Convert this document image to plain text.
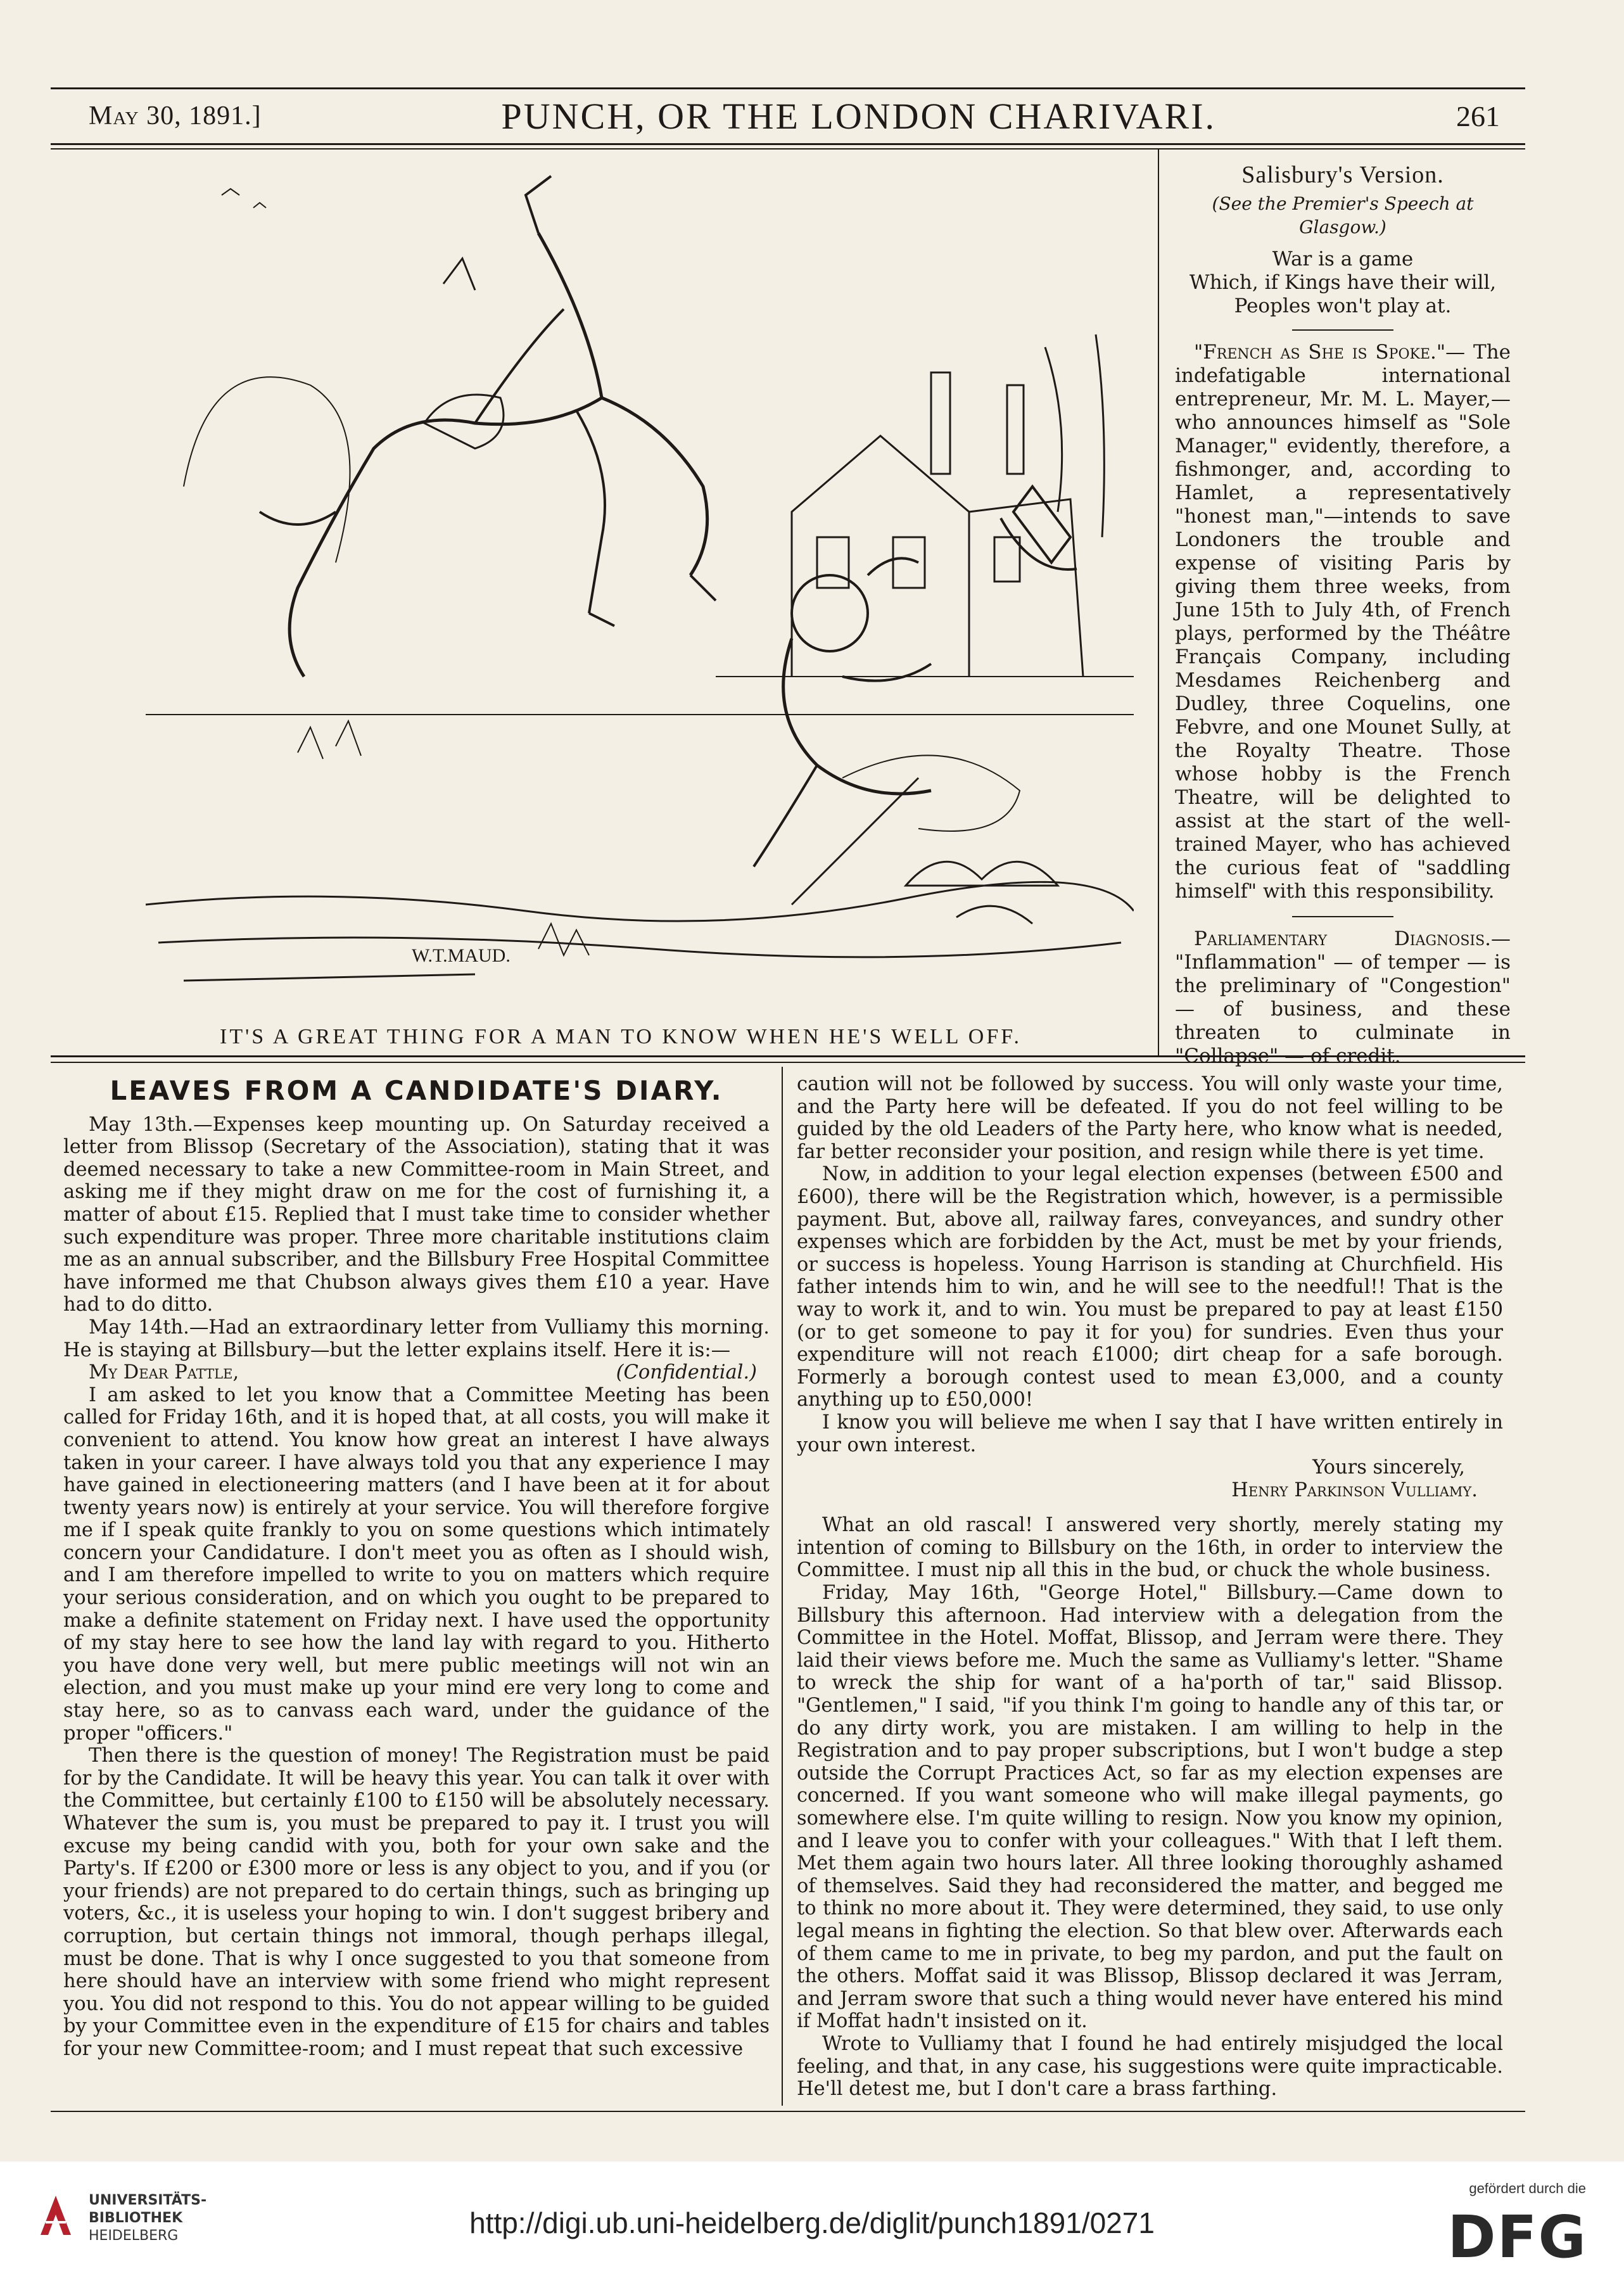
May 30, 1891.]	PUNCH, OR THE LONDON CHARIVARI.	261
W.T.MAUD.
IT'S A GREAT THING FOR A MAN TO KNOW WHEN HE'S WELL OFF.
Salisbury's Version.
(See the Premier's Speech at Glasgow.)
War is a game
Which, if Kings have their will,
Peoples won't play at.

"French as She is Spoke."— The indefatigable international entrepreneur, Mr. M. L. Mayer,—who announces himself as "Sole Manager," evidently, therefore, a fishmonger, and, according to Hamlet, a representatively "honest man,"—intends to save Londoners the trouble and expense of visiting Paris by giving them three weeks, from June 15th to July 4th, of French plays, performed by the Théâtre Français Company, including Mesdames Reichenberg and Dudley, three Coquelins, one Febvre, and one Mounet Sully, at the Royalty Theatre. Those whose hobby is the French Theatre, will be delighted to assist at the start of the well-trained Mayer, who has achieved the curious feat of "saddling himself" with this responsibility.

Parliamentary Diagnosis.— "Inflammation" — of temper — is the preliminary of "Congestion" — of business, and these threaten to culminate in "Collapse" — of credit.

LEAVES FROM A CANDIDATE'S DIARY.

May 13th.—Expenses keep mounting up. On Saturday received a letter from Blissop (Secretary of the Association), stating that it was deemed necessary to take a new Committee-room in Main Street, and asking me if they might draw on me for the cost of furnishing it, a matter of about £15. Replied that I must take time to consider whether such expenditure was proper. Three more charitable institutions claim me as an annual subscriber, and the Billsbury Free Hospital Committee have informed me that Chubson always gives them £10 a year. Have had to do ditto.

May 14th.—Had an extraordinary letter from Vulliamy this morning. He is staying at Billsbury—but the letter explains itself. Here it is:—

My Dear Pattle,	(Confidential.)

I am asked to let you know that a Committee Meeting has been called for Friday 16th, and it is hoped that, at all costs, you will make it convenient to attend. You know how great an interest I have always taken in your career. I have always told you that any experience I may have gained in electioneering matters (and I have been at it for about twenty years now) is entirely at your service. You will therefore forgive me if I speak quite frankly to you on some questions which intimately concern your Candidature. I don't meet you as often as I should wish, and I am therefore impelled to write to you on matters which require your serious consideration, and on which you ought to be prepared to make a definite statement on Friday next. I have used the opportunity of my stay here to see how the land lay with regard to you. Hitherto you have done very well, but mere public meetings will not win an election, and you must make up your mind ere very long to come and stay here, so as to canvass each ward, under the guidance of the proper "officers."

Then there is the question of money! The Registration must be paid for by the Candidate. It will be heavy this year. You can talk it over with the Committee, but certainly £100 to £150 will be absolutely necessary. Whatever the sum is, you must be prepared to pay it. I trust you will excuse my being candid with you, both for your own sake and the Party's. If £200 or £300 more or less is any object to you, and if you (or your friends) are not prepared to do certain things, such as bringing up voters, &c., it is useless your hoping to win. I don't suggest bribery and corruption, but certain things not immoral, though perhaps illegal, must be done. That is why I once suggested to you that someone from here should have an interview with some friend who might represent you. You did not respond to this. You do not appear willing to be guided by your Committee even in the expenditure of £15 for chairs and tables for your new Committee-room; and I must repeat that such excessive

caution will not be followed by success. You will only waste your time, and the Party here will be defeated. If you do not feel willing to be guided by the old Leaders of the Party here, who know what is needed, far better reconsider your position, and resign while there is yet time.

Now, in addition to your legal election expenses (between £500 and £600), there will be the Registration which, however, is a permissible payment. But, above all, railway fares, conveyances, and sundry other expenses which are forbidden by the Act, must be met by your friends, or success is hopeless. Young Harrison is standing at Churchfield. His father intends him to win, and he will see to the needful!! That is the way to work it, and to win. You must be prepared to pay at least £150 (or to get someone to pay it for you) for sundries. Even thus your expenditure will not reach £1000; dirt cheap for a safe borough. Formerly a borough contest used to mean £3,000, and a county anything up to £50,000!

I know you will believe me when I say that I have written entirely in your own interest.

Yours sincerely,
Henry Parkinson Vulliamy.

What an old rascal! I answered very shortly, merely stating my intention of coming to Billsbury on the 16th, in order to interview the Committee. I must nip all this in the bud, or chuck the whole business.

Friday, May 16th, "George Hotel," Billsbury.—Came down to Billsbury this afternoon. Had interview with a delegation from the Committee in the Hotel. Moffat, Blissop, and Jerram were there. They laid their views before me. Much the same as Vulliamy's letter. "Shame to wreck the ship for want of a ha'porth of tar," said Blissop. "Gentlemen," I said, "if you think I'm going to handle any of this tar, or do any dirty work, you are mistaken. I am willing to help in the Registration and to pay proper subscriptions, but I won't budge a step outside the Corrupt Practices Act, so far as my election expenses are concerned. If you want someone who will make illegal payments, go somewhere else. I'm quite willing to resign. Now you know my opinion, and I leave you to confer with your colleagues." With that I left them. Met them again two hours later. All three looking thoroughly ashamed of themselves. Said they had reconsidered the matter, and begged me to think no more about it. They were determined, they said, to use only legal means in fighting the election. So that blew over. Afterwards each of them came to me in private, to beg my pardon, and put the fault on the others. Moffat said it was Blissop, Blissop declared it was Jerram, and Jerram swore that such a thing would never have entered his mind if Moffat hadn't insisted on it.

Wrote to Vulliamy that I found he had entirely misjudged the local feeling, and that, in any case, his suggestions were quite impracticable. He'll detest me, but I don't care a brass farthing.

UNIVERSITÄTS-
BIBLIOTHEK
HEIDELBERG	http://digi.ub.uni-heidelberg.de/diglit/punch1891/0271
gefördert durch die
DFG
